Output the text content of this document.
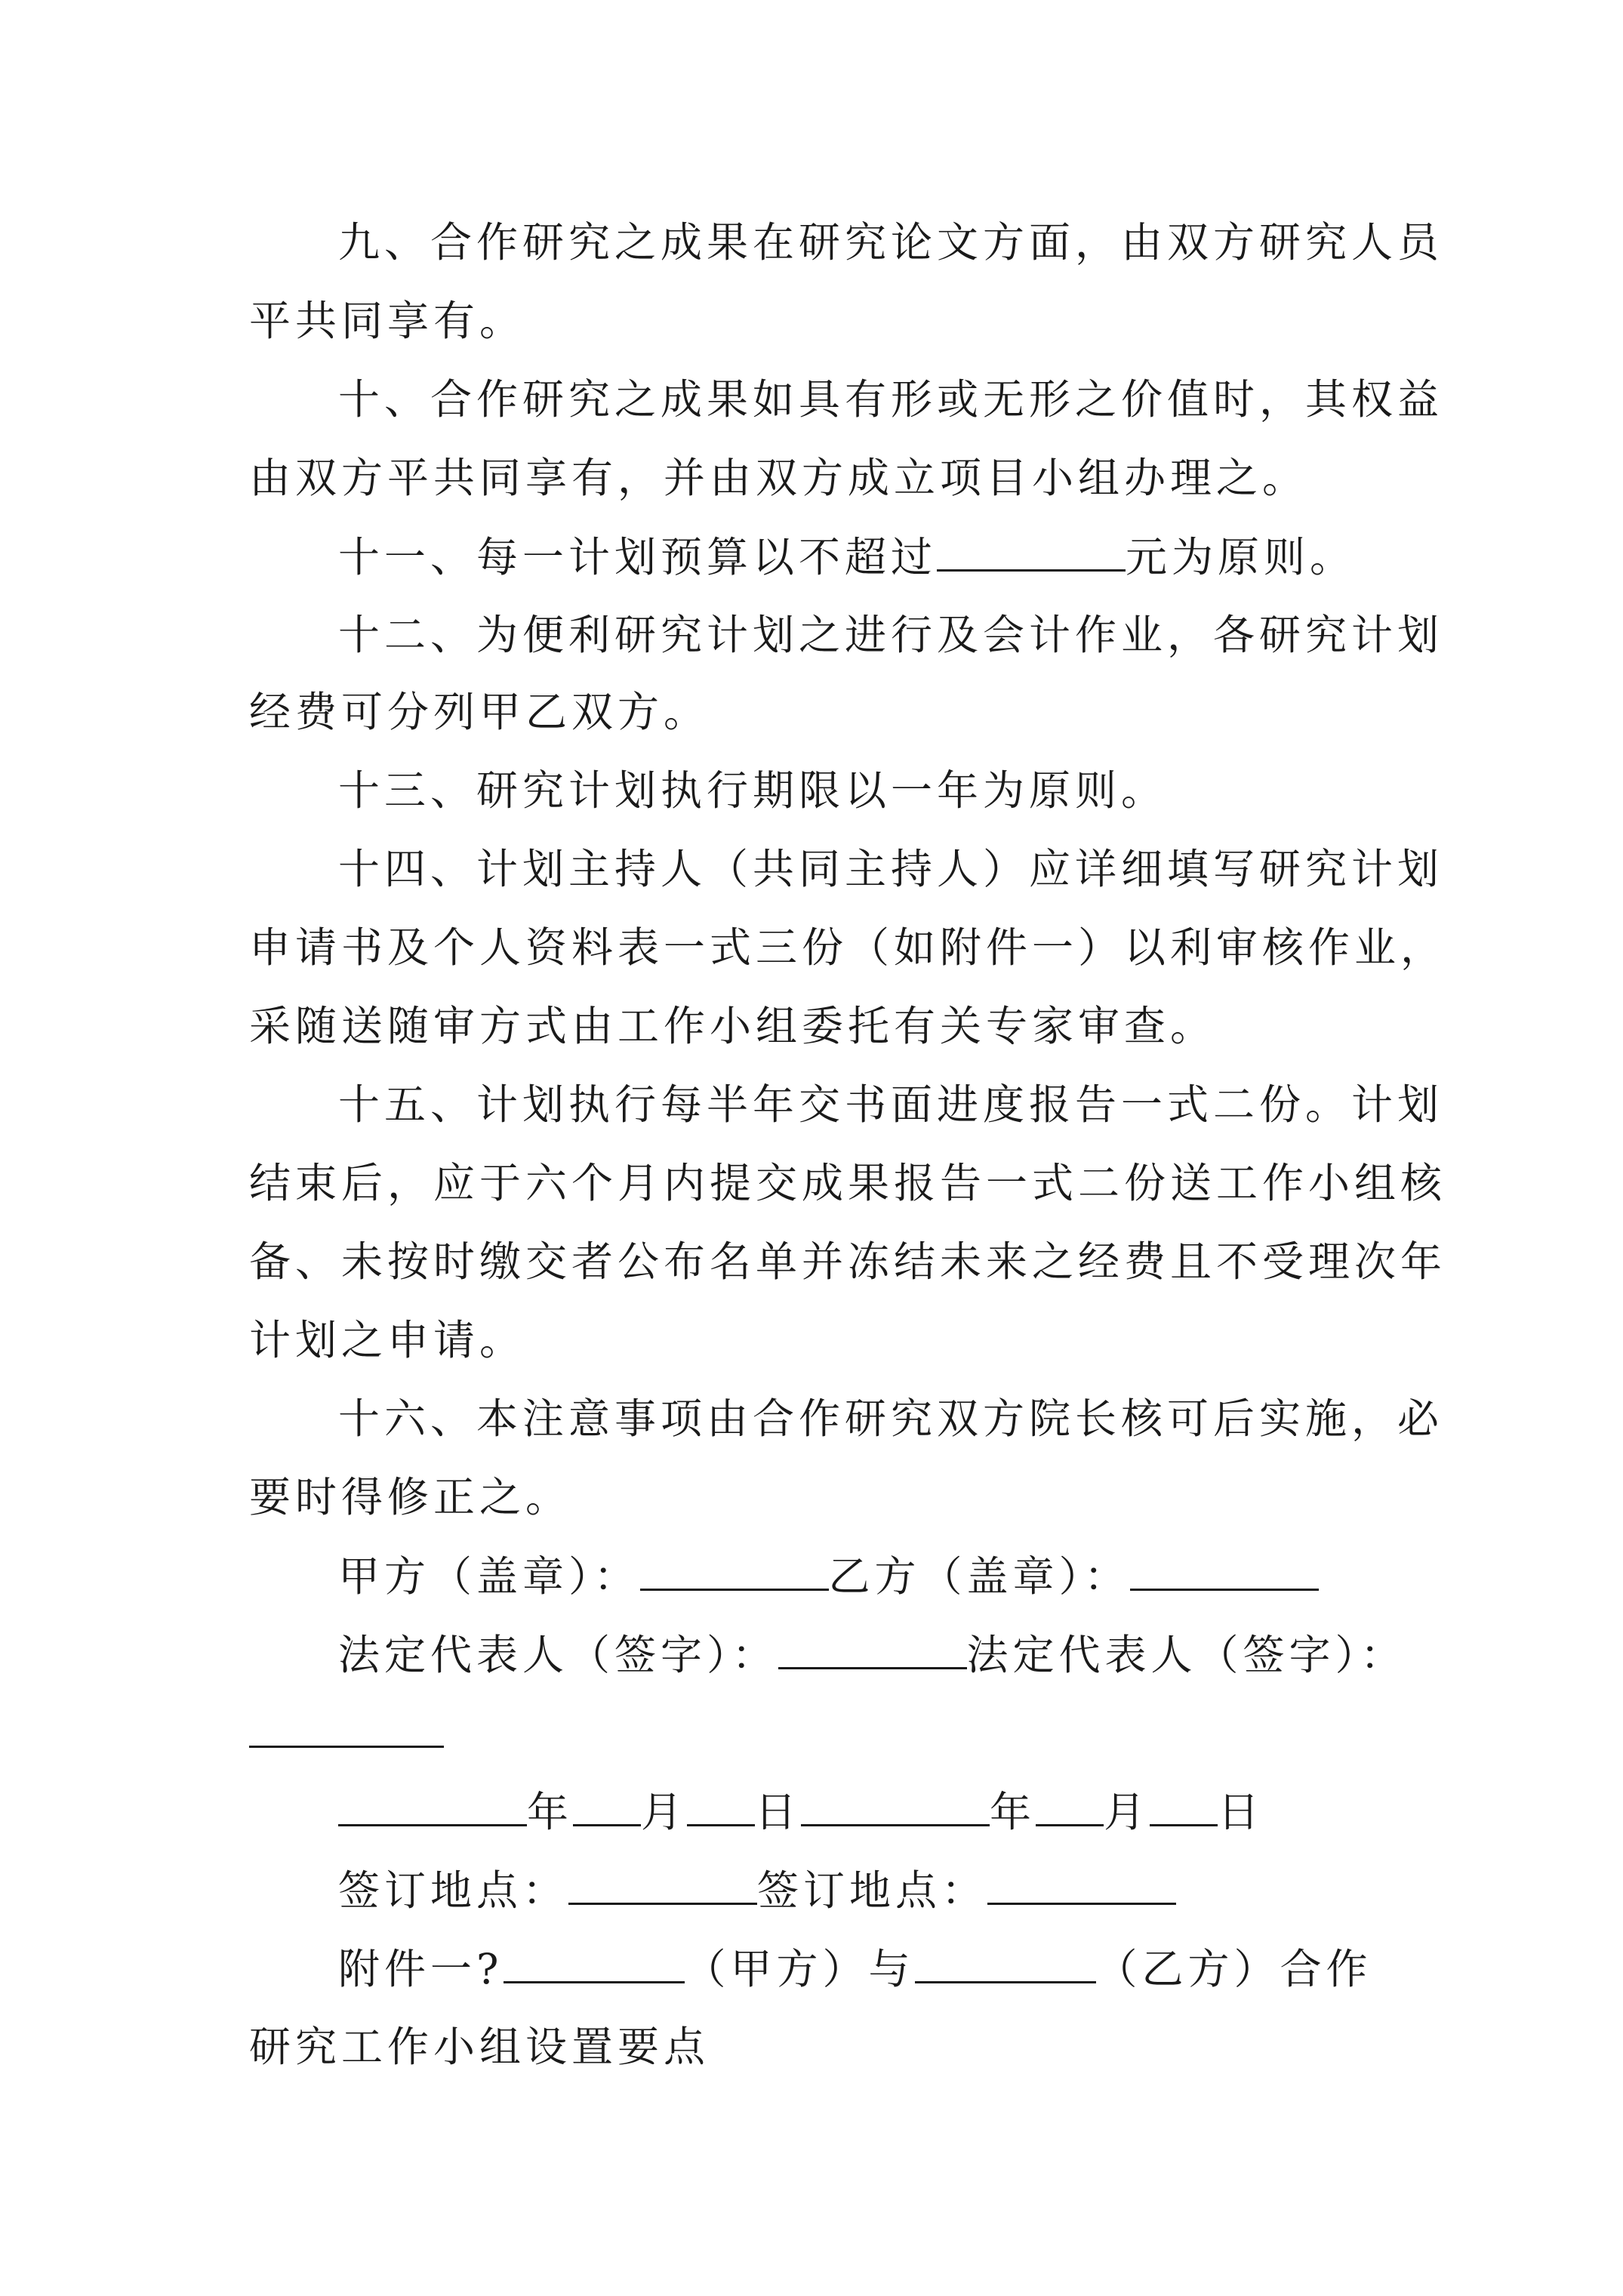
九、合作研究之成果在研究论文方面，由双方研究人员
平共同享有。
十、合作研究之成果如具有形或无形之价值时，其权益
由双方平共同享有，并由双方成立项目小组办理之。
十一、每一计划预算以不超过	元为原则。
十二、为便利研究计划之进行及会计作业，各研究计划
经费可分列甲乙双方。
十三、研究计划执行期限以一年为原则。
十四、计划主持人（共同主持人）应详细填写研究计划
申请书及个人资料表一式三份（如附件一）以利审核作业，
采随送随审方式由工作小组委托有关专家审查。
十五、计划执行每半年交书面进度报告一式二份。计划
结束后，应于六个月内提交成果报告一式二份送工作小组核
备、未按时缴交者公布名单并冻结未来之经费且不受理次年
计划之申请。
十六、本注意事项由合作研究双方院长核可后实施，必
要时得修正之。
甲方（盖章）：	乙方（盖章）：
法定代表人（签字）：	法定代表人（签字）：
年 月 日	年 月 日
签订地点：	签订地点：
附件一?	（甲方）与	（乙方）合作
研究工作小组设置要点
